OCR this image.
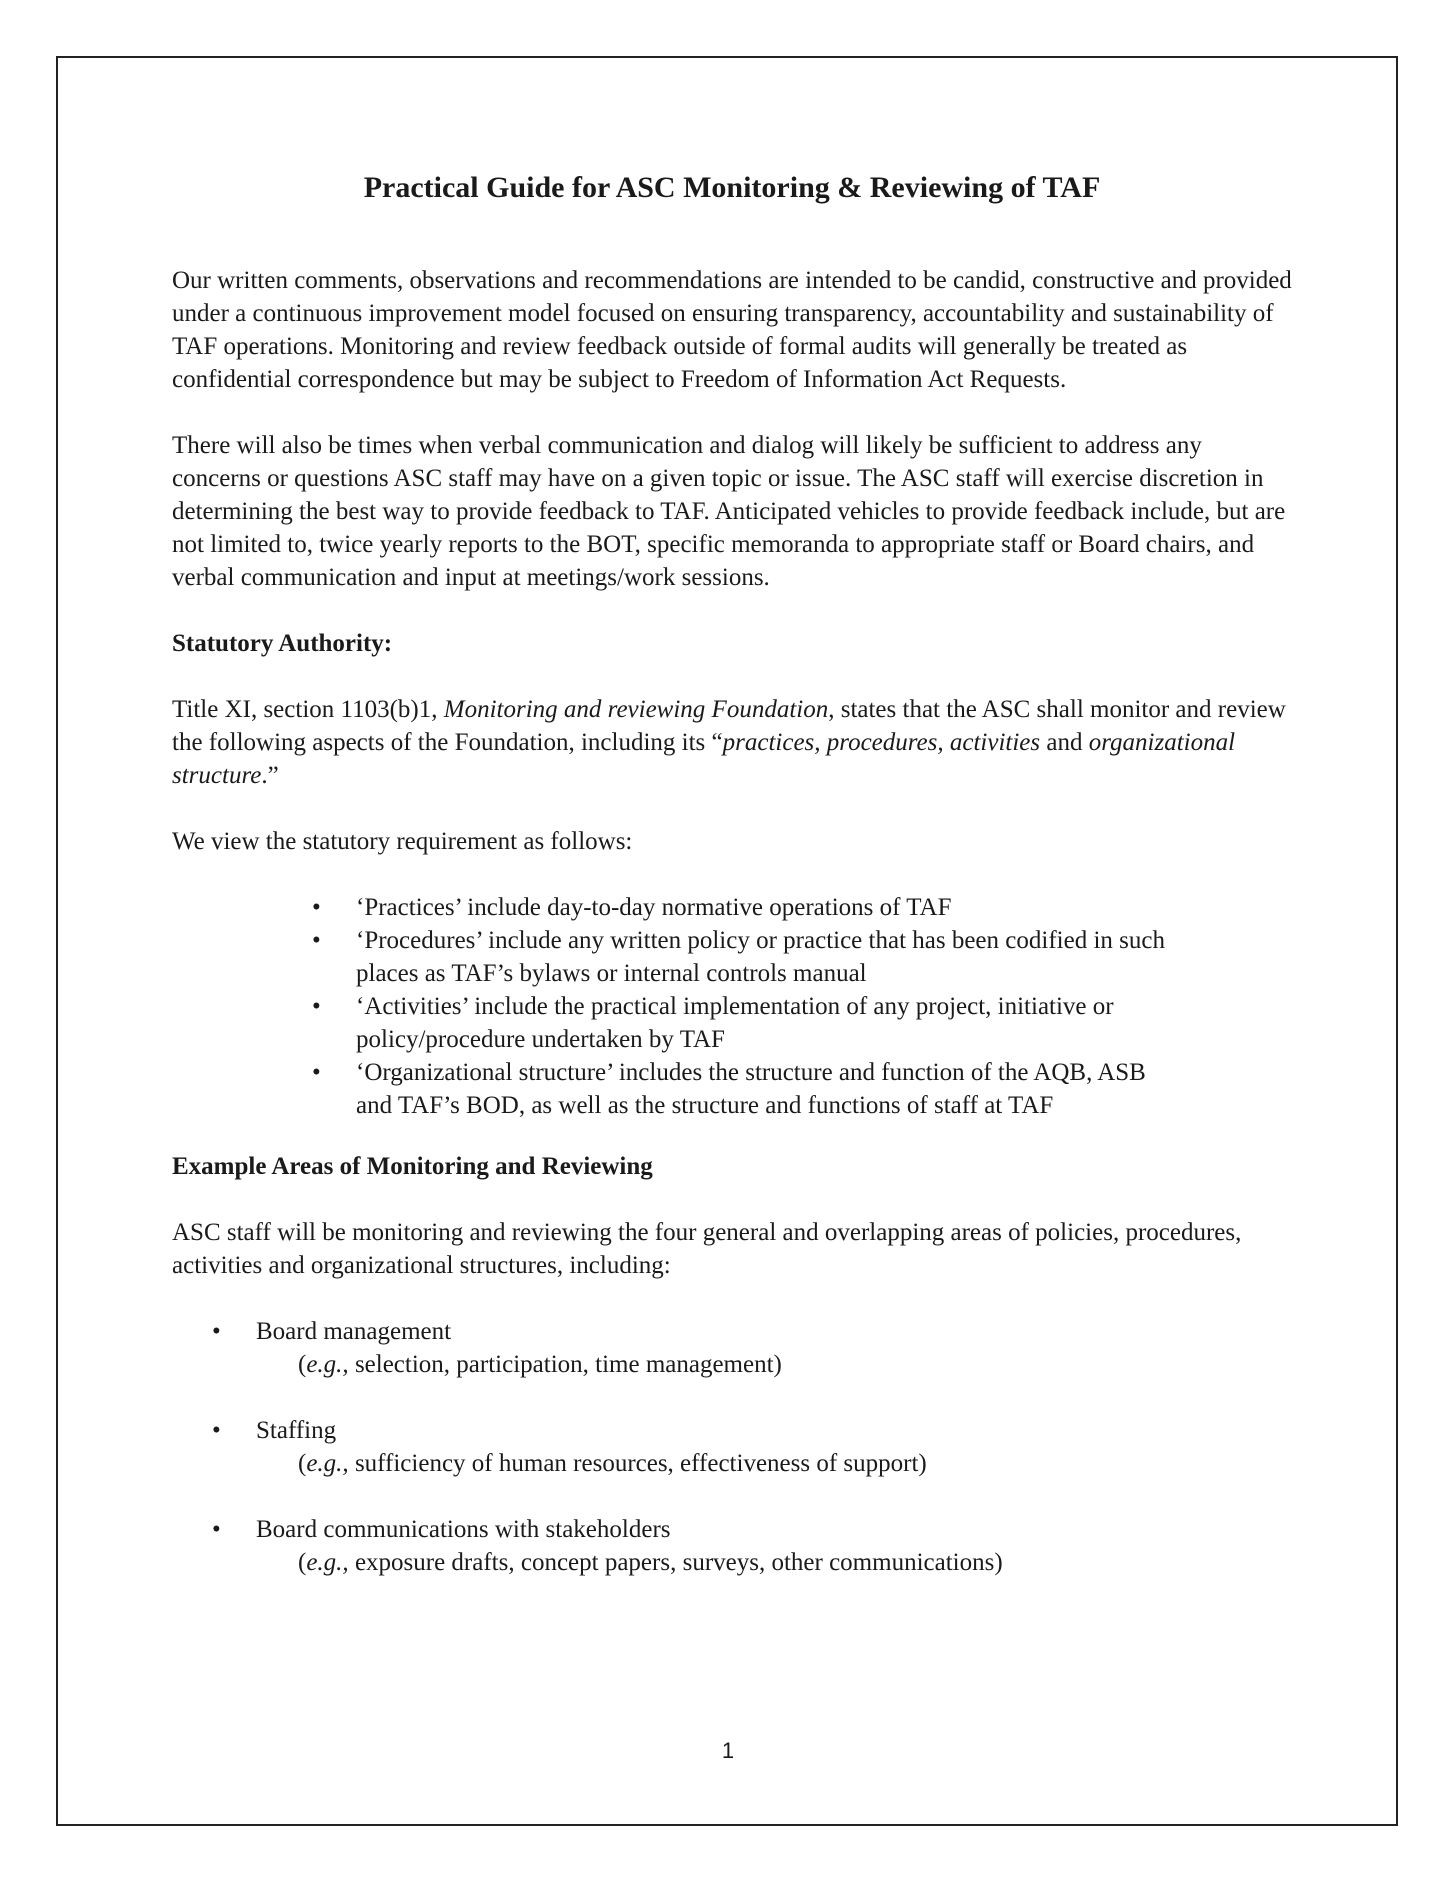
Practical Guide for ASC Monitoring & Reviewing of TAF

Our written comments, observations and recommendations are intended to be candid, constructive and provided under a continuous improvement model focused on ensuring transparency, accountability and sustainability of TAF operations. Monitoring and review feedback outside of formal audits will generally be treated as confidential correspondence but may be subject to Freedom of Information Act Requests.

There will also be times when verbal communication and dialog will likely be sufficient to address any concerns or questions ASC staff may have on a given topic or issue. The ASC staff will exercise discretion in determining the best way to provide feedback to TAF. Anticipated vehicles to provide feedback include, but are not limited to, twice yearly reports to the BOT, specific memoranda to appropriate staff or Board chairs, and verbal communication and input at meetings/work sessions.

Statutory Authority:

Title XI, section 1103(b)1, Monitoring and reviewing Foundation, states that the ASC shall monitor and review the following aspects of the Foundation, including its “practices, procedures, activities and organizational structure.”

We view the statutory requirement as follows:

• ‘Practices’ include day-to-day normative operations of TAF
• ‘Procedures’ include any written policy or practice that has been codified in such places as TAF’s bylaws or internal controls manual
• ‘Activities’ include the practical implementation of any project, initiative or policy/procedure undertaken by TAF
• ‘Organizational structure’ includes the structure and function of the AQB, ASB and TAF’s BOD, as well as the structure and functions of staff at TAF

Example Areas of Monitoring and Reviewing

ASC staff will be monitoring and reviewing the four general and overlapping areas of policies, procedures, activities and organizational structures, including:

• Board management
(e.g., selection, participation, time management)
• Staffing
(e.g., sufficiency of human resources, effectiveness of support)
• Board communications with stakeholders
(e.g., exposure drafts, concept papers, surveys, other communications)
1
